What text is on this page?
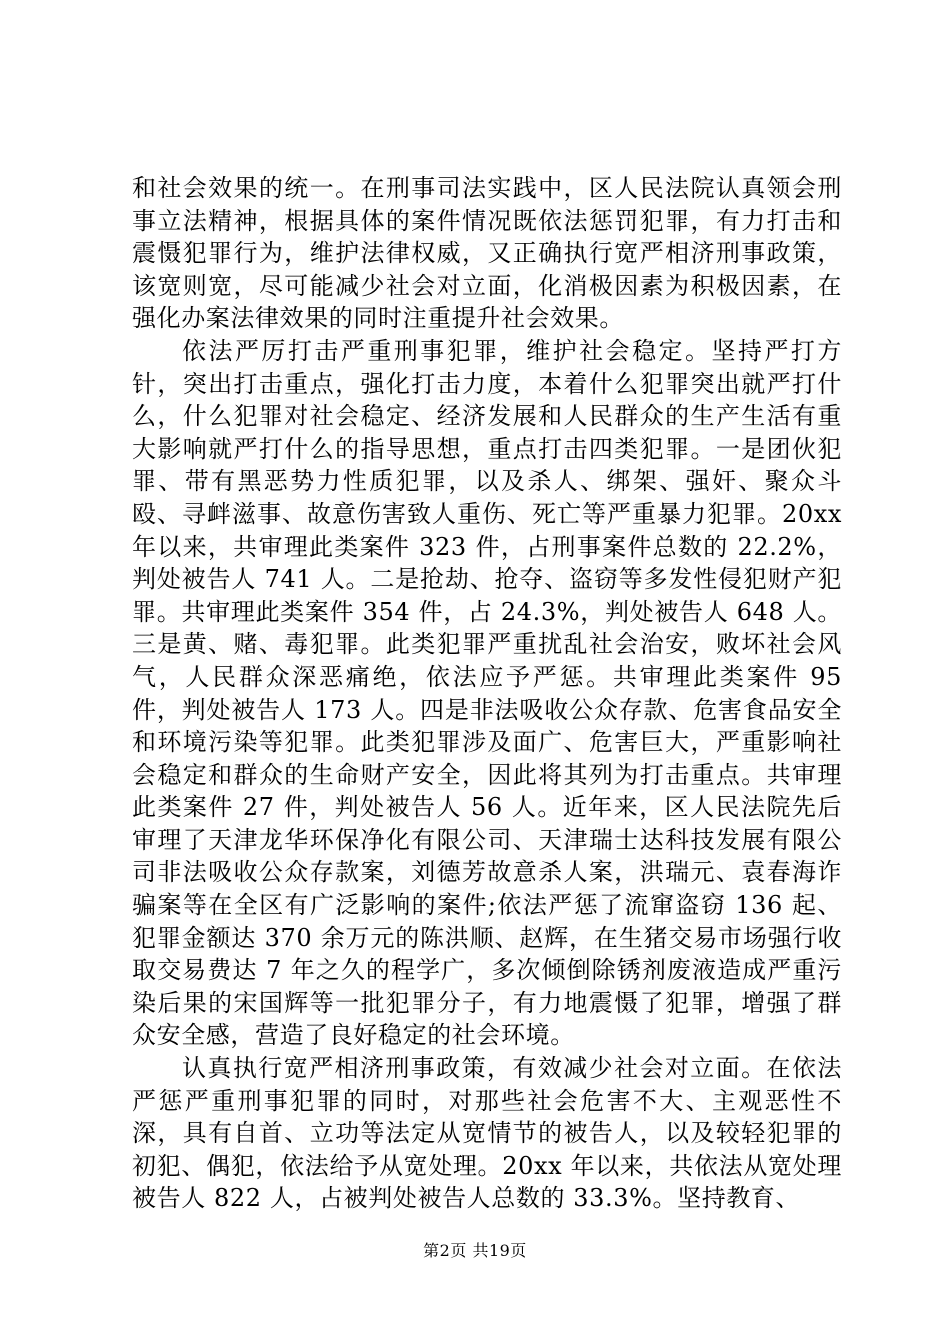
和社会效果的统一。在刑事司法实践中，区人民法院认真领会刑事立法精神，根据具体的案件情况既依法惩罚犯罪，有力打击和震慑犯罪行为，维护法律权威，又正确执行宽严相济刑事政策，该宽则宽，尽可能减少社会对立面，化消极因素为积极因素，在强化办案法律效果的同时注重提升社会效果。

依法严厉打击严重刑事犯罪，维护社会稳定。坚持严打方针，突出打击重点，强化打击力度，本着什么犯罪突出就严打什么，什么犯罪对社会稳定、经济发展和人民群众的生产生活有重大影响就严打什么的指导思想，重点打击四类犯罪。一是团伙犯罪、带有黑恶势力性质犯罪，以及杀人、绑架、强奸、聚众斗殴、寻衅滋事、故意伤害致人重伤、死亡等严重暴力犯罪。20xx 年以来，共审理此类案件 323 件，占刑事案件总数的 22.2%，判处被告人 741 人。二是抢劫、抢夺、盗窃等多发性侵犯财产犯罪。共审理此类案件 354 件，占 24.3%，判处被告人 648 人。三是黄、赌、毒犯罪。此类犯罪严重扰乱社会治安，败坏社会风气，人民群众深恶痛绝，依法应予严惩。共审理此类案件 95 件，判处被告人 173 人。四是非法吸收公众存款、危害食品安全和环境污染等犯罪。此类犯罪涉及面广、危害巨大，严重影响社会稳定和群众的生命财产安全，因此将其列为打击重点。共审理此类案件 27 件，判处被告人 56 人。近年来，区人民法院先后审理了天津龙华环保净化有限公司、天津瑞士达科技发展有限公司非法吸收公众存款案，刘德芳故意杀人案，洪瑞元、袁春海诈骗案等在全区有广泛影响的案件;依法严惩了流窜盗窃 136 起、犯罪金额达 370 余万元的陈洪顺、赵辉，在生猪交易市场强行收取交易费达 7 年之久的程学广，多次倾倒除锈剂废液造成严重污染后果的宋国辉等一批犯罪分子，有力地震慑了犯罪，增强了群众安全感，营造了良好稳定的社会环境。

认真执行宽严相济刑事政策，有效减少社会对立面。在依法严惩严重刑事犯罪的同时，对那些社会危害不大、主观恶性不深，具有自首、立功等法定从宽情节的被告人，以及较轻犯罪的初犯、偶犯，依法给予从宽处理。20xx 年以来，共依法从宽处理被告人 822 人，占被判处被告人总数的 33.3%。坚持教育、

第2页 共19页
